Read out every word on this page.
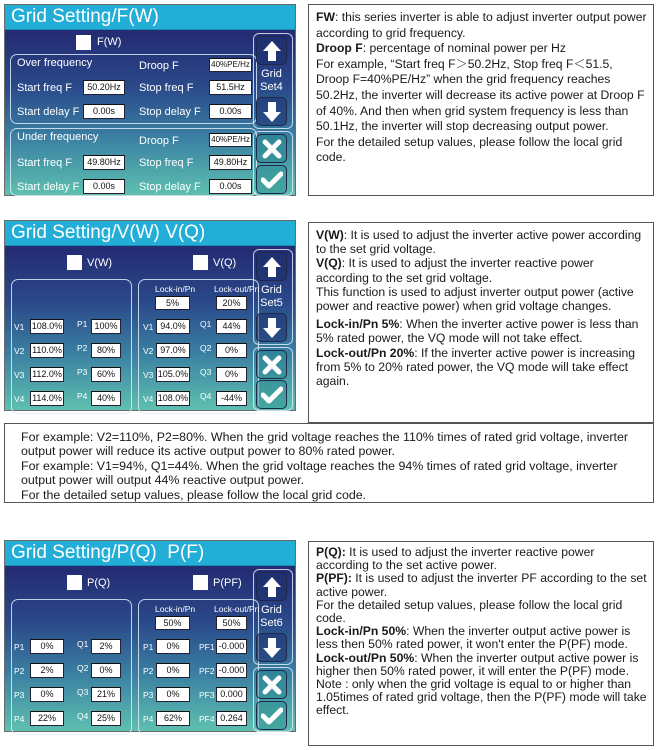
Grid Setting/F(W)
F(W)
Over frequency	Droop F	40%PE/Hz
Start freq F	50.20Hz	Stop freq F	51.5Hz
Start delay F	0.00s	Stop delay F	0.00s
Under frequency	Droop F	40%PE/Hz
Start freq F	49.80Hz	Stop freq F	49.80Hz
Start delay F	0.00s	Stop delay F	0.00s
Grid
Set4

FW: this series inverter is able to adjust inverter output power according to grid frequency.

Droop F: percentage of nominal power per Hz

For example, “Start freq F＞50.2Hz, Stop freq F＜51.5, Droop F=40%PE/Hz” when the grid frequency reaches 50.2Hz, the inverter will decrease its active power at Droop F of 40%. And then when grid system frequency is less than 50.1Hz, the inverter will stop decreasing output power.

For the detailed setup values, please follow the local grid code.

Grid Setting/V(W) V(Q)
V(W)	V(Q)
Lock-in/Pn Lock-out/Pn
5%	20%
V1 108.0% P1 100%
V2 110.0% P2	80%
V3 112.0% P3	60%
V4 114.0% P4	40%
V1 94.0%	Q1	44%
V2 97.0%	Q2	0%
V3 105.0% Q3	0%
V4 108.0% Q4	-44%
Grid
Set5

V(W): It is used to adjust the inverter active power according to the set grid voltage.

V(Q): It is used to adjust the inverter reactive power according to the set grid voltage.

This function is used to adjust inverter output power (active power and reactive power) when grid voltage changes.

Lock-in/Pn 5%: When the inverter active power is less than 5% rated power, the VQ mode will not take effect.

Lock-out/Pn 20%: If the inverter active power is increasing from 5% to 20% rated power, the VQ mode will take effect again.

For example: V2=110%, P2=80%. When the grid voltage reaches the 110% times of rated grid voltage, inverter output power will reduce its active output power to 80% rated power.

For example: V1=94%, Q1=44%. When the grid voltage reaches the 94% times of rated grid voltage, inverter output power will output 44% reactive output power.

For the detailed setup values, please follow the local grid code.

Grid Setting/P(Q)  P(F)
P(Q)	P(PF)
Lock-in/Pn Lock-out/Pn
50%	50%
P1	0%	Q1	2%
P2	2%	Q2	0%
P3	0%	Q3 21%
P4	22%	Q4 25%
P1	0%	PF1 -0.000
P2	0%	PF2 -0.000
P3	0%	PF3 0.000
P4	62%	PF4 0.264
Grid
Set6

P(Q): It is used to adjust the inverter reactive power according to the set active power.

P(PF): It is used to adjust the inverter PF according to the set active power.

For the detailed setup values, please follow the local grid code.

Lock-in/Pn 50%: When the inverter output active power is less then 50% rated power, it won't enter the P(PF) mode.

Lock-out/Pn 50%: When the inverter output active power is higher then 50% rated power, it will enter the P(PF) mode.

Note : only when the grid voltage is equal to or higher than 1.05times of rated grid voltage, then the P(PF) mode will take effect.
